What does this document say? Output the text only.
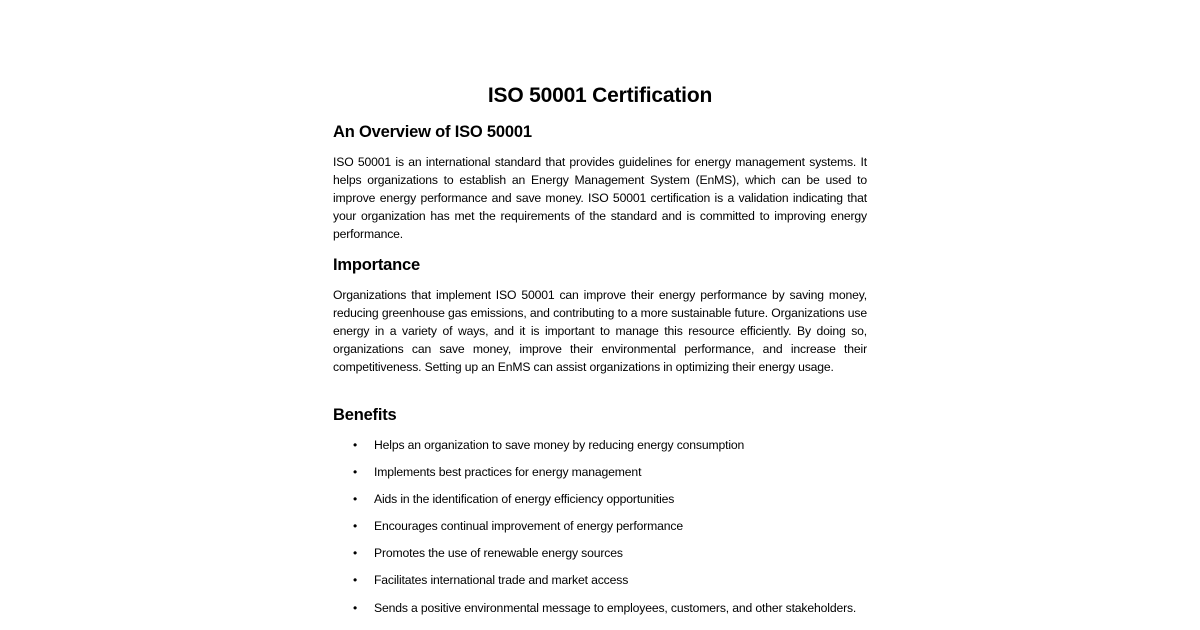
ISO 50001 Certification
An Overview of ISO 50001

ISO 50001 is an international standard that provides guidelines for energy management systems. It helps organizations to establish an Energy Management System (EnMS), which can be used to improve energy performance and save money. ISO 50001 certification is a validation indicating that your organization has met the requirements of the standard and is committed to improving energy performance.

Importance

Organizations that implement ISO 50001 can improve their energy performance by saving money, reducing greenhouse gas emissions, and contributing to a more sustainable future. Organizations use energy in a variety of ways, and it is important to manage this resource efficiently. By doing so, organizations can save money, improve their environmental performance, and increase their competitiveness. Setting up an EnMS can assist organizations in optimizing their energy usage.

Benefits
• Helps an organization to save money by reducing energy consumption
• Implements best practices for energy management
• Aids in the identification of energy efficiency opportunities
• Encourages continual improvement of energy performance
• Promotes the use of renewable energy sources
• Facilitates international trade and market access
• Sends a positive environmental message to employees, customers, and other stakeholders.
